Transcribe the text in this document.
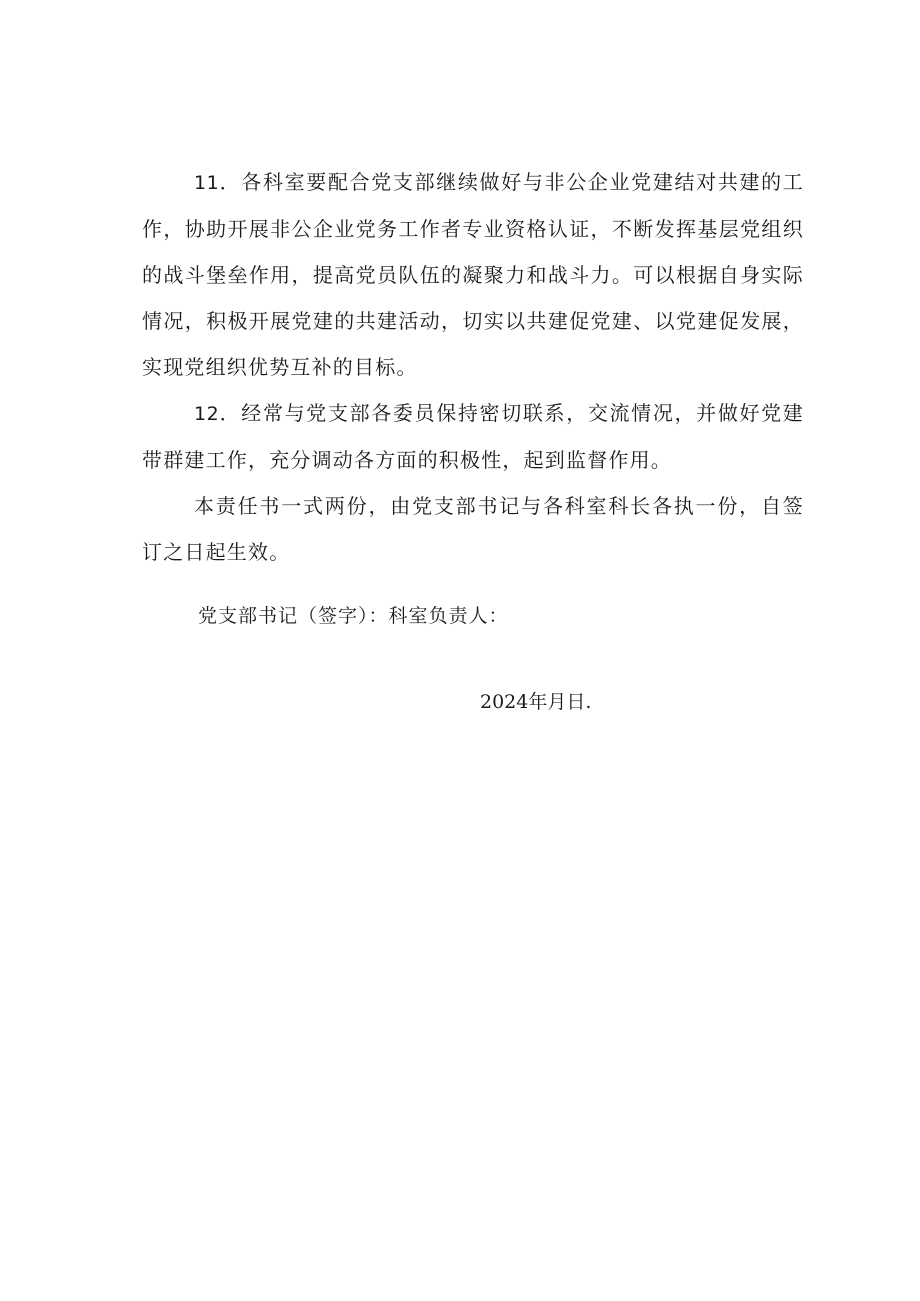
11．各科室要配合党支部继续做好与非公企业党建结对共建的工作，协助开展非公企业党务工作者专业资格认证，不断发挥基层党组织的战斗堡垒作用，提高党员队伍的凝聚力和战斗力。可以根据自身实际情况，积极开展党建的共建活动，切实以共建促党建、以党建促发展，实现党组织优势互补的目标。

12．经常与党支部各委员保持密切联系，交流情况，并做好党建带群建工作，充分调动各方面的积极性，起到监督作用。

本责任书一式两份，由党支部书记与各科室科长各执一份，自签订之日起生效。

党支部书记（签字）：科室负责人：
2024年月日.
